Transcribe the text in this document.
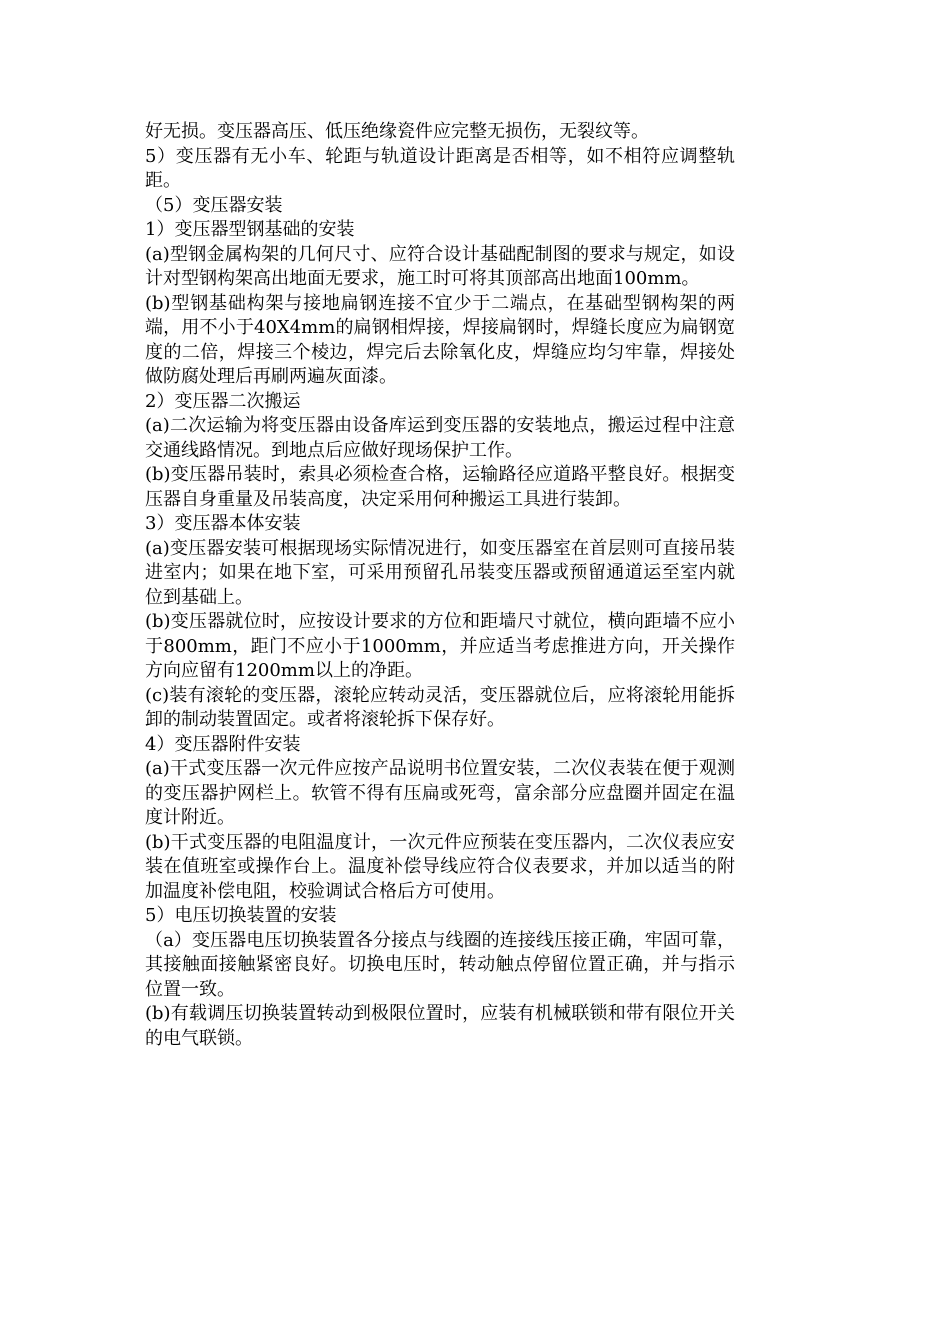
好无损。变压器高压、低压绝缘瓷件应完整无损伤，无裂纹等。

5）变压器有无小车、轮距与轨道设计距离是否相等，如不相符应调整轨距。

（5）变压器安装

1）变压器型钢基础的安装

(a)型钢金属构架的几何尺寸、应符合设计基础配制图的要求与规定，如设计对型钢构架高出地面无要求，施工时可将其顶部高出地面100mm。

(b)型钢基础构架与接地扁钢连接不宜少于二端点，在基础型钢构架的两端，用不小于40X4mm的扁钢相焊接，焊接扁钢时，焊缝长度应为扁钢宽度的二倍，焊接三个棱边，焊完后去除氧化皮，焊缝应均匀牢靠，焊接处做防腐处理后再刷两遍灰面漆。

2）变压器二次搬运

(a)二次运输为将变压器由设备库运到变压器的安装地点，搬运过程中注意交通线路情况。到地点后应做好现场保护工作。

(b)变压器吊装时，索具必须检查合格，运输路径应道路平整良好。根据变压器自身重量及吊装高度，决定采用何种搬运工具进行装卸。

3）变压器本体安装

(a)变压器安装可根据现场实际情况进行，如变压器室在首层则可直接吊装进室内；如果在地下室，可采用预留孔吊装变压器或预留通道运至室内就位到基础上。

(b)变压器就位时，应按设计要求的方位和距墙尺寸就位，横向距墙不应小于800mm，距门不应小于1000mm，并应适当考虑推进方向，开关操作方向应留有1200mm以上的净距。

(c)装有滚轮的变压器，滚轮应转动灵活，变压器就位后，应将滚轮用能拆卸的制动装置固定。或者将滚轮拆下保存好。

4）变压器附件安装

(a)干式变压器一次元件应按产品说明书位置安装，二次仪表装在便于观测的变压器护网栏上。软管不得有压扁或死弯，富余部分应盘圈并固定在温度计附近。

(b)干式变压器的电阻温度计，一次元件应预装在变压器内，二次仪表应安装在值班室或操作台上。温度补偿导线应符合仪表要求，并加以适当的附加温度补偿电阻，校验调试合格后方可使用。

5）电压切换装置的安装

（a）变压器电压切换装置各分接点与线圈的连接线压接正确，牢固可靠，其接触面接触紧密良好。切换电压时，转动触点停留位置正确，并与指示位置一致。

(b)有载调压切换装置转动到极限位置时，应装有机械联锁和带有限位开关的电气联锁。
